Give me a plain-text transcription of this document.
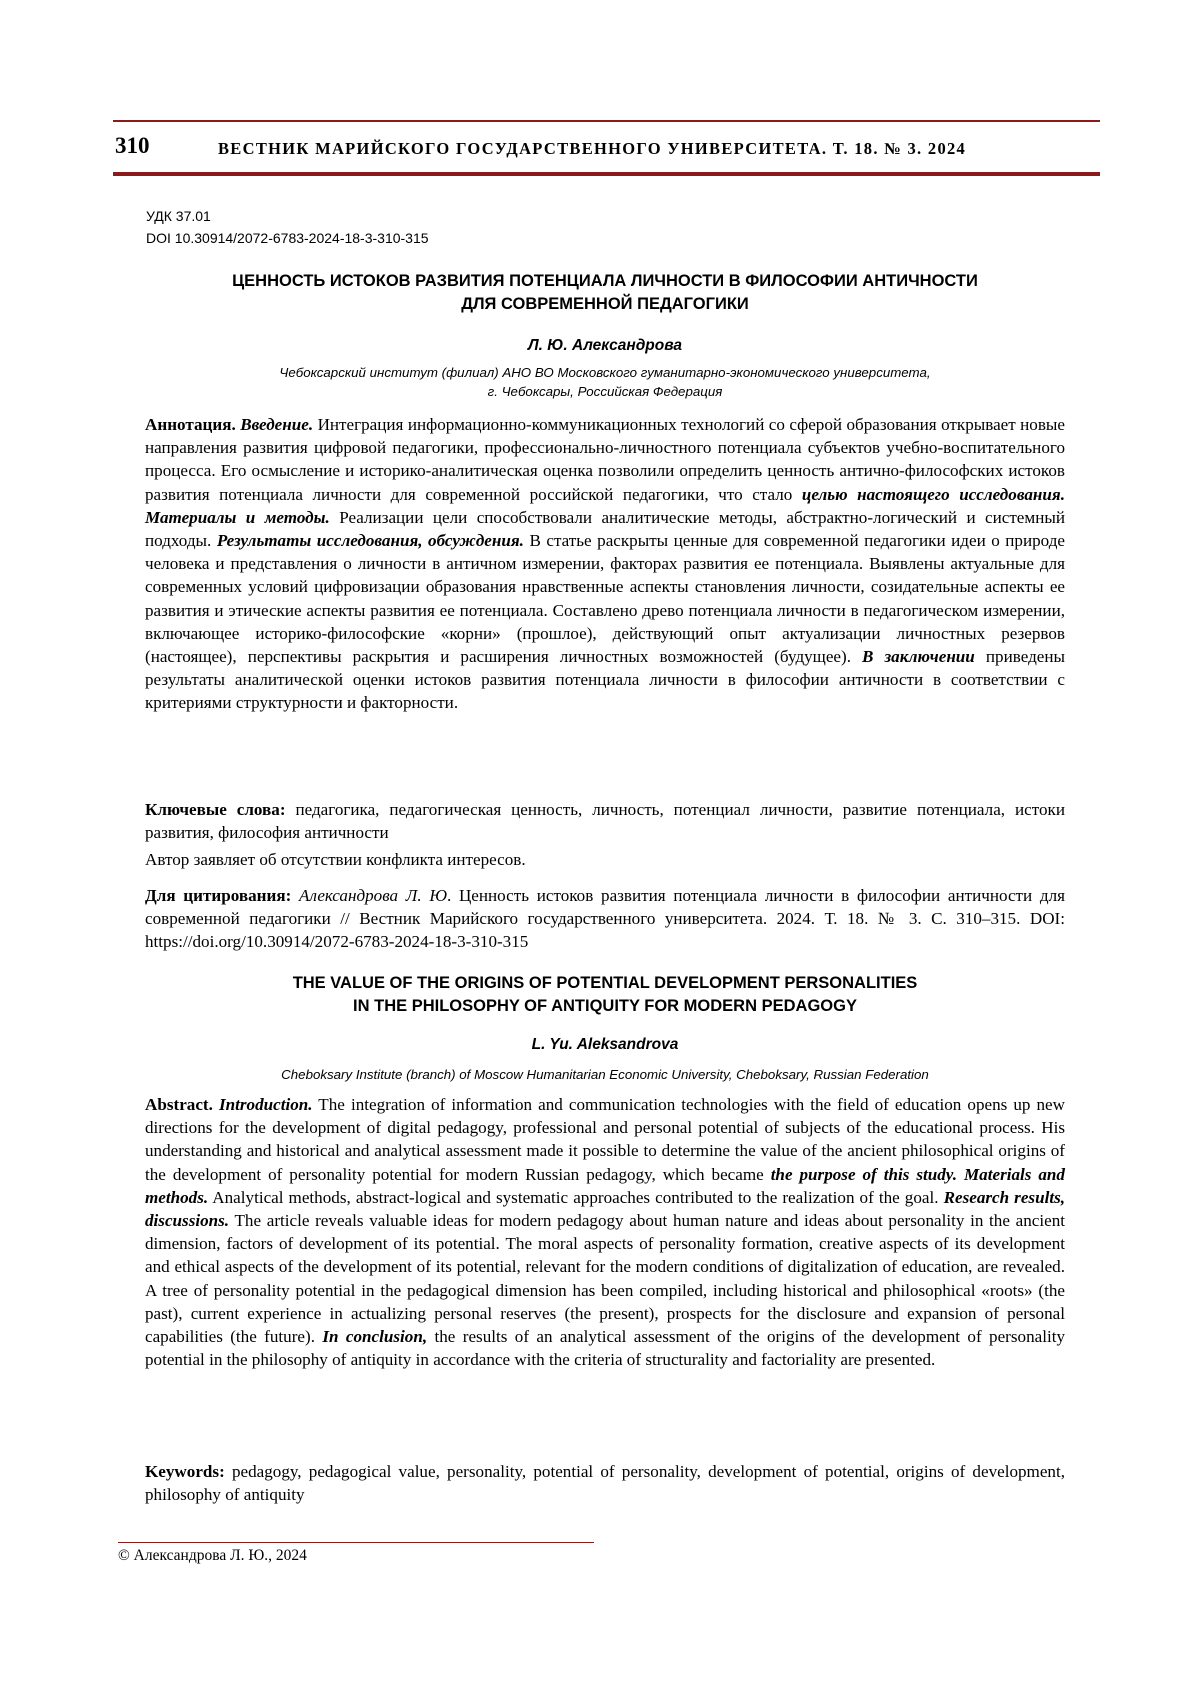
310	ВЕСТНИК МАРИЙСКОГО ГОСУДАРСТВЕННОГО УНИВЕРСИТЕТА. Т. 18. № 3. 2024
УДК 37.01
DOI 10.30914/2072-6783-2024-18-3-310-315
ЦЕННОСТЬ ИСТОКОВ РАЗВИТИЯ ПОТЕНЦИАЛА ЛИЧНОСТИ В ФИЛОСОФИИ АНТИЧНОСТИ
ДЛЯ СОВРЕМЕННОЙ ПЕДАГОГИКИ
Л. Ю. Александрова
Чебоксарский институт (филиал) АНО ВО Московского гуманитарно-экономического университета,
г. Чебоксары, Российская Федерация
Аннотация. Введение. Интеграция информационно-коммуникационных технологий со сферой образования открывает новые направления развития цифровой педагогики, профессионально-личностного потенциала субъектов учебно-воспитательного процесса. Его осмысление и историко-аналитическая оценка позволили определить ценность античнo-философских истоков развития потенциала личности для современной российской педагогики, что стало целью настоящего исследования. Материалы и методы. Реализации цели способствовали аналитические методы, абстрактно-логический и системный подходы. Результаты исследования, обсуждения. В статье раскрыты ценные для современной педагогики идеи о природе человека и представления о личности в античном измерении, факторах развития ее потенциала. Выявлены актуальные для современных условий цифровизации образования нравственные аспекты становления личности, созидательные аспекты ее развития и этические аспекты развития ее потенциала. Составлено древо потенциала личности в педагогическом измерении, включающее историко-философские «корни» (прошлое), действующий опыт актуализации личностных резервов (настоящее), перспективы раскрытия и расширения личностных возможностей (будущее). В заключении приведены результаты аналитической оценки истоков развития потенциала личности в философии античности в соответствии с критериями структурности и факторности.
Ключевые слова: педагогика, педагогическая ценность, личность, потенциал личности, развитие потенциала, истоки развития, философия античности
Автор заявляет об отсутствии конфликта интересов.
Для цитирования: Александрова Л. Ю. Ценность истоков развития потенциала личности в философии античности для современной педагогики // Вестник Марийского государственного университета. 2024. Т. 18. № 3. С. 310–315. DOI: https://doi.org/10.30914/2072-6783-2024-18-3-310-315
THE VALUE OF THE ORIGINS OF POTENTIAL DEVELOPMENT PERSONALITIES
IN THE PHILOSOPHY OF ANTIQUITY FOR MODERN PEDAGOGY
L. Yu. Aleksandrova
Cheboksary Institute (branch) of Moscow Humanitarian Economic University, Cheboksary, Russian Federation
Abstract. Introduction. The integration of information and communication technologies with the field of education opens up new directions for the development of digital pedagogy, professional and personal potential of subjects of the educational process. His understanding and historical and analytical assessment made it possible to determine the value of the ancient philosophical origins of the development of personality potential for modern Russian pedagogy, which became the purpose of this study. Materials and methods. Analytical methods, abstract-logical and systematic approaches contributed to the realization of the goal. Research results, discussions. The article reveals valuable ideas for modern pedagogy about human nature and ideas about personality in the ancient dimension, factors of development of its potential. The moral aspects of personality formation, creative aspects of its development and ethical aspects of the development of its potential, relevant for the modern conditions of digitalization of education, are revealed. A tree of personality potential in the pedagogical dimension has been compiled, including historical and philosophical «roots» (the past), current experience in actualizing personal reserves (the present), prospects for the disclosure and expansion of personal capabilities (the future). In conclusion, the results of an analytical assessment of the origins of the development of personality potential in the philosophy of antiquity in accordance with the criteria of structurality and factoriality are presented.
Keywords: pedagogy, pedagogical value, personality, potential of personality, development of potential, origins of development, philosophy of antiquity
© Александрова Л. Ю., 2024
